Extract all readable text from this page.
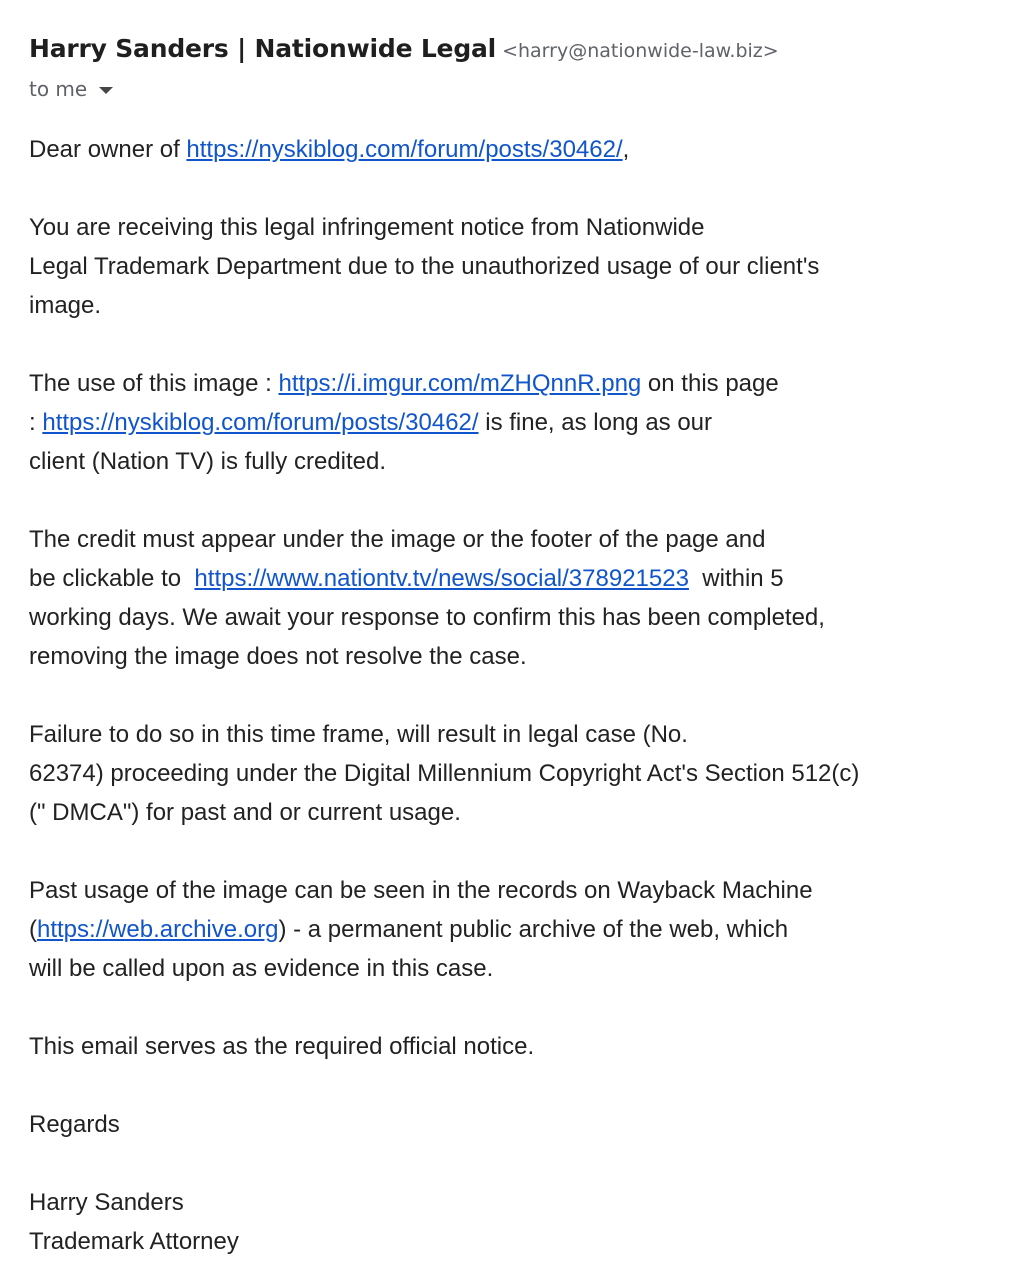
Harry Sanders | Nationwide Legal <harry@nationwide-law.biz>
to me

Dear owner of https://nyskiblog.com/forum/posts/30462/,

You are receiving this legal infringement notice from Nationwide
Legal Trademark Department due to the unauthorized usage of our client's
image.

The use of this image : https://i.imgur.com/mZHQnnR.png on this page
: https://nyskiblog.com/forum/posts/30462/ is fine, as long as our
client (Nation TV) is fully credited.

The credit must appear under the image or the footer of the page and
be clickable to  https://www.nationtv.tv/news/social/378921523  within 5
working days. We await your response to confirm this has been completed,
removing the image does not resolve the case.

Failure to do so in this time frame, will result in legal case (No.
62374) proceeding under the Digital Millennium Copyright Act's Section 512(c)
(" DMCA") for past and or current usage.

Past usage of the image can be seen in the records on Wayback Machine
(https://web.archive.org) - a permanent public archive of the web, which
will be called upon as evidence in this case.

This email serves as the required official notice.

Regards

Harry Sanders
Trademark Attorney
